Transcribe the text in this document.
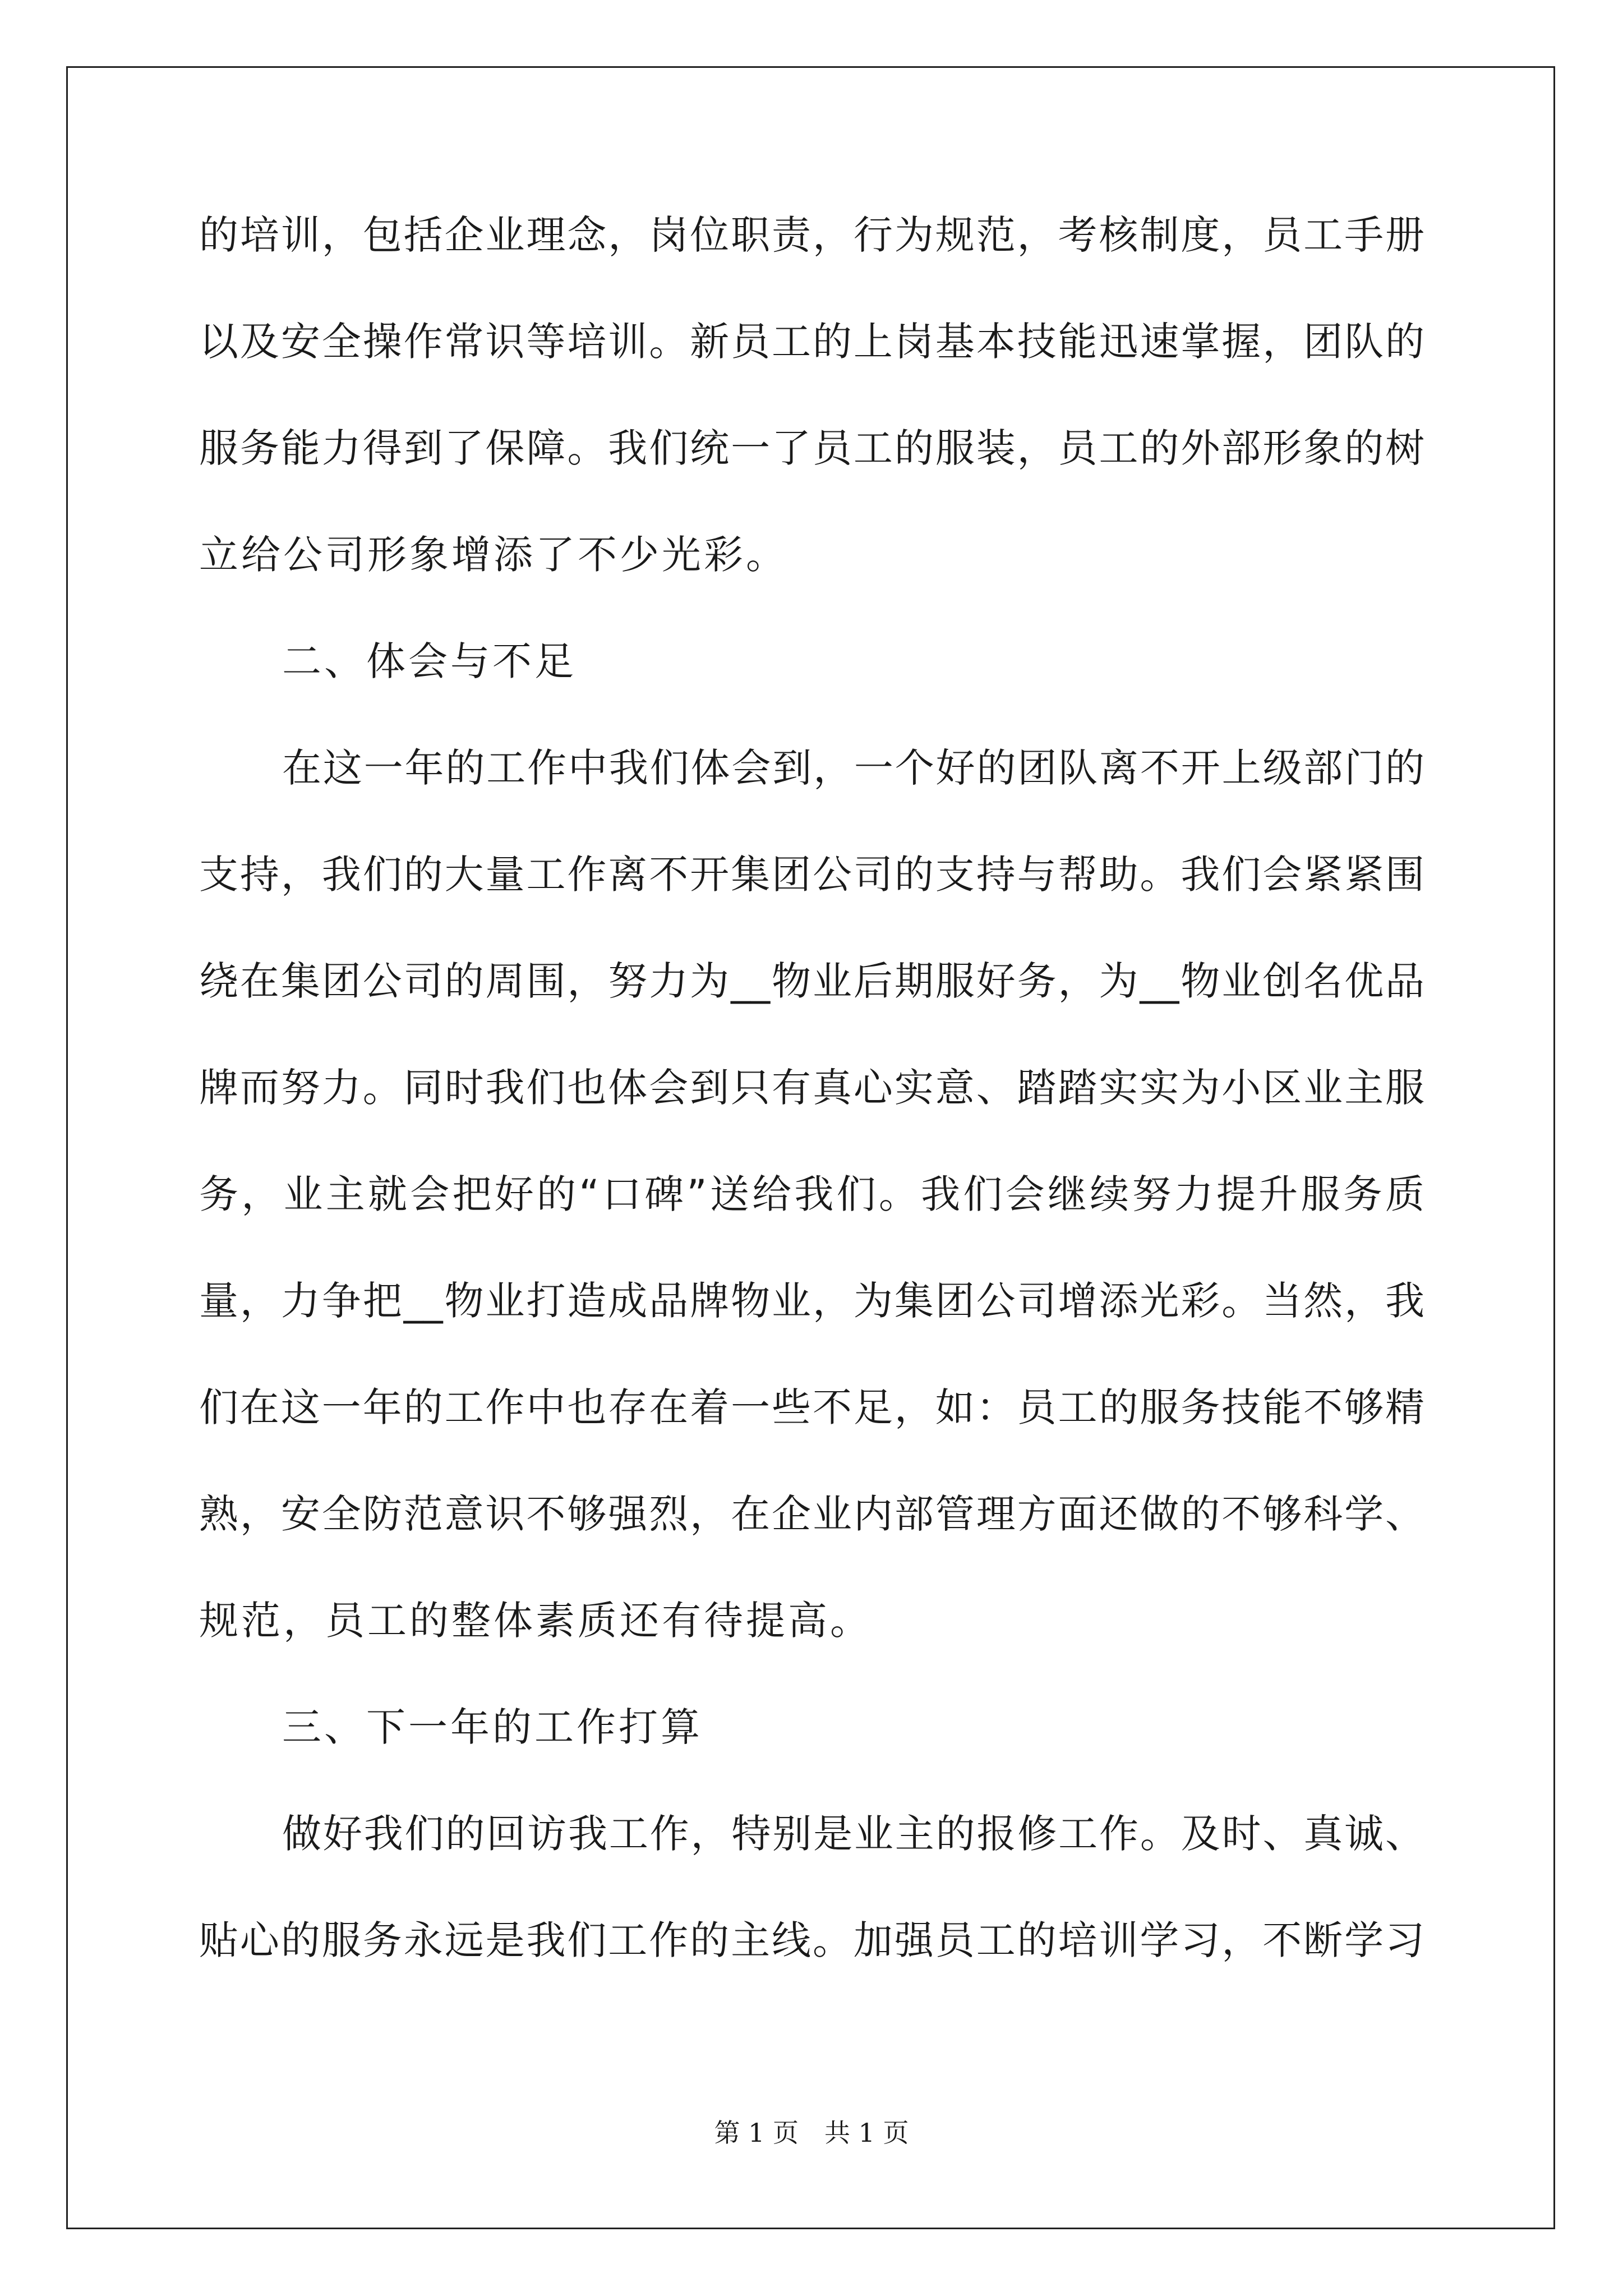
的培训，包括企业理念，岗位职责，行为规范，考核制度，员工手册
以及安全操作常识等培训。新员工的上岗基本技能迅速掌握，团队的
服务能力得到了保障。我们统一了员工的服装，员工的外部形象的树
立给公司形象增添了不少光彩。
二、体会与不足
在这一年的工作中我们体会到，一个好的团队离不开上级部门的
支持，我们的大量工作离不开集团公司的支持与帮助。我们会紧紧围
绕在集团公司的周围，努力为__物业后期服好务，为__物业创名优品
牌而努力。同时我们也体会到只有真心实意、踏踏实实为小区业主服
务，业主就会把好的“口碑”送给我们。我们会继续努力提升服务质
量，力争把__物业打造成品牌物业，为集团公司增添光彩。当然，我
们在这一年的工作中也存在着一些不足，如：员工的服务技能不够精
熟，安全防范意识不够强烈，在企业内部管理方面还做的不够科学、
规范，员工的整体素质还有待提高。
三、下一年的工作打算
做好我们的回访我工作，特别是业主的报修工作。及时、真诚、
贴心的服务永远是我们工作的主线。加强员工的培训学习，不断学习
第 1 页 共 1 页
